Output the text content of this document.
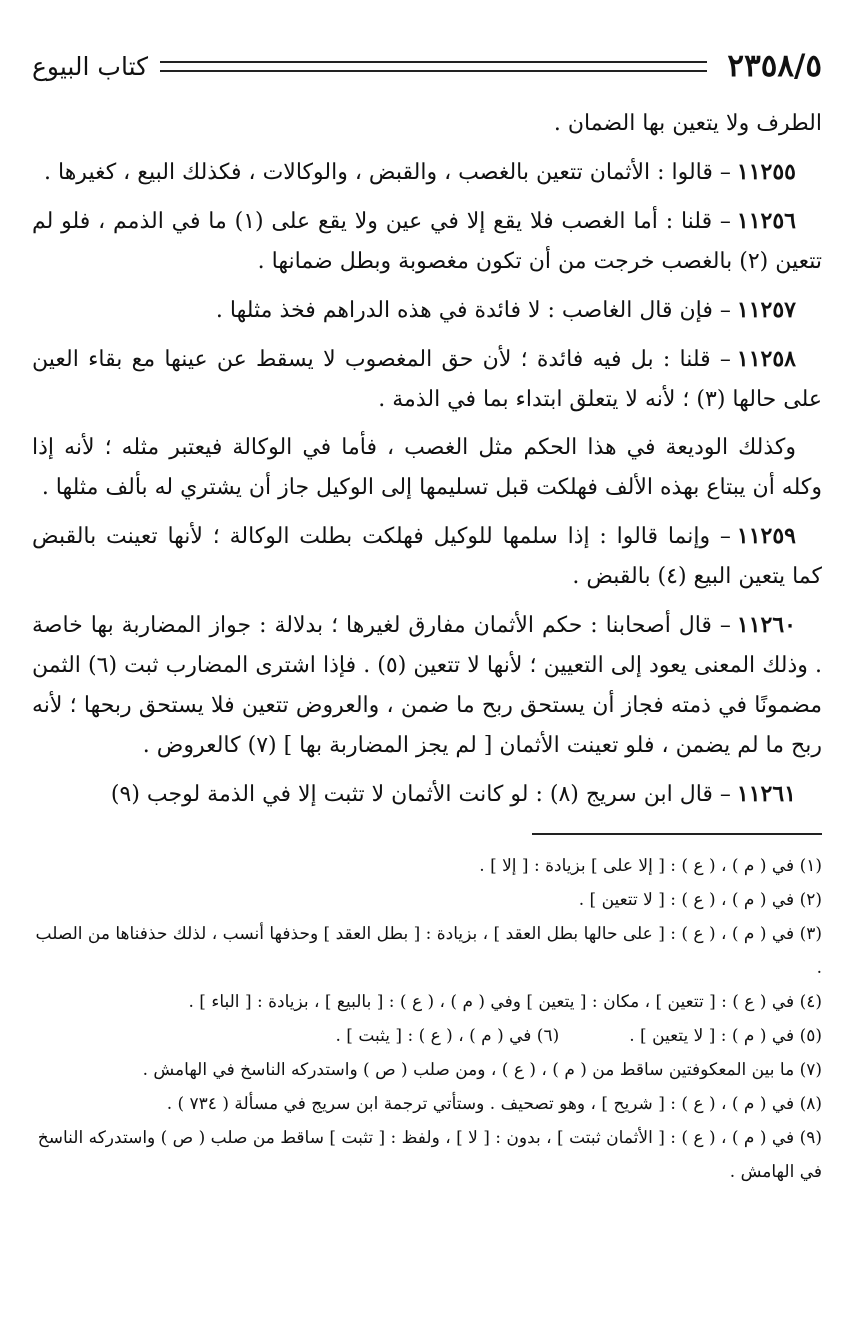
٢٣٥٨/٥
كتاب البيوع

الطرف ولا يتعين بها الضمان .

١١٢٥٥– قالوا : الأثمان تتعين بالغصب ، والقبض ، والوكالات ، فكذلك البيع ، كغيرها .

١١٢٥٦– قلنا : أما الغصب فلا يقع إلا في عين ولا يقع على (١) ما في الذمم ، فلو لم تتعين (٢) بالغصب خرجت من أن تكون مغصوبة وبطل ضمانها .

١١٢٥٧– فإن قال الغاصب : لا فائدة في هذه الدراهم فخذ مثلها .

١١٢٥٨– قلنا : بل فيه فائدة ؛ لأن حق المغصوب لا يسقط عن عينها مع بقاء العين على حالها (٣) ؛ لأنه لا يتعلق ابتداء بما في الذمة .

وكذلك الوديعة في هذا الحكم مثل الغصب ، فأما في الوكالة فيعتبر مثله ؛ لأنه إذا وكله أن يبتاع بهذه الألف فهلكت قبل تسليمها إلى الوكيل جاز أن يشتري له بألف مثلها .

١١٢٥٩– وإنما قالوا : إذا سلمها للوكيل فهلكت بطلت الوكالة ؛ لأنها تعينت بالقبض كما يتعين البيع (٤) بالقبض .

١١٢٦٠– قال أصحابنا : حكم الأثمان مفارق لغيرها ؛ بدلالة : جواز المضاربة بها خاصة . وذلك المعنى يعود إلى التعيين ؛ لأنها لا تتعين (٥) . فإذا اشترى المضارب ثبت (٦) الثمن مضمونًا في ذمته فجاز أن يستحق ربح ما ضمن ، والعروض تتعين فلا يستحق ربحها ؛ لأنه ربح ما لم يضمن ، فلو تعينت الأثمان [ لم يجز المضاربة بها ] (٧) كالعروض .

١١٢٦١– قال ابن سريج (٨) : لو كانت الأثمان لا تثبت إلا في الذمة لوجب (٩)

(١) في ( م ) ، ( ع ) : [ إلا على ] بزيادة : [ إلا ] .

(٢) في ( م ) ، ( ع ) : [ لا تتعين ] .

(٣) في ( م ) ، ( ع ) : [ على حالها بطل العقد ] ، بزيادة : [ بطل العقد ] وحذفها أنسب ، لذلك حذفناها من الصلب .

(٤) في ( ع ) : [ تتعين ] ، مكان : [ يتعين ] وفي ( م ) ، ( ع ) : [ بالبيع ] ، بزيادة : [ الباء ] .

(٥) في ( م ) : [ لا يتعين ] .
(٦) في ( م ) ، ( ع ) : [ يثبت ] .

(٧) ما بين المعكوفتين ساقط من ( م ) ، ( ع ) ، ومن صلب ( ص ) واستدركه الناسخ في الهامش .

(٨) في ( م ) ، ( ع ) : [ شريح ] ، وهو تصحيف . وستأتي ترجمة ابن سريج في مسألة ( ٧٣٤ ) .

(٩) في ( م ) ، ( ع ) : [ الأثمان ثبتت ] ، بدون : [ لا ] ، ولفظ : [ تثبت ] ساقط من صلب ( ص ) واستدركه الناسخ في الهامش .
